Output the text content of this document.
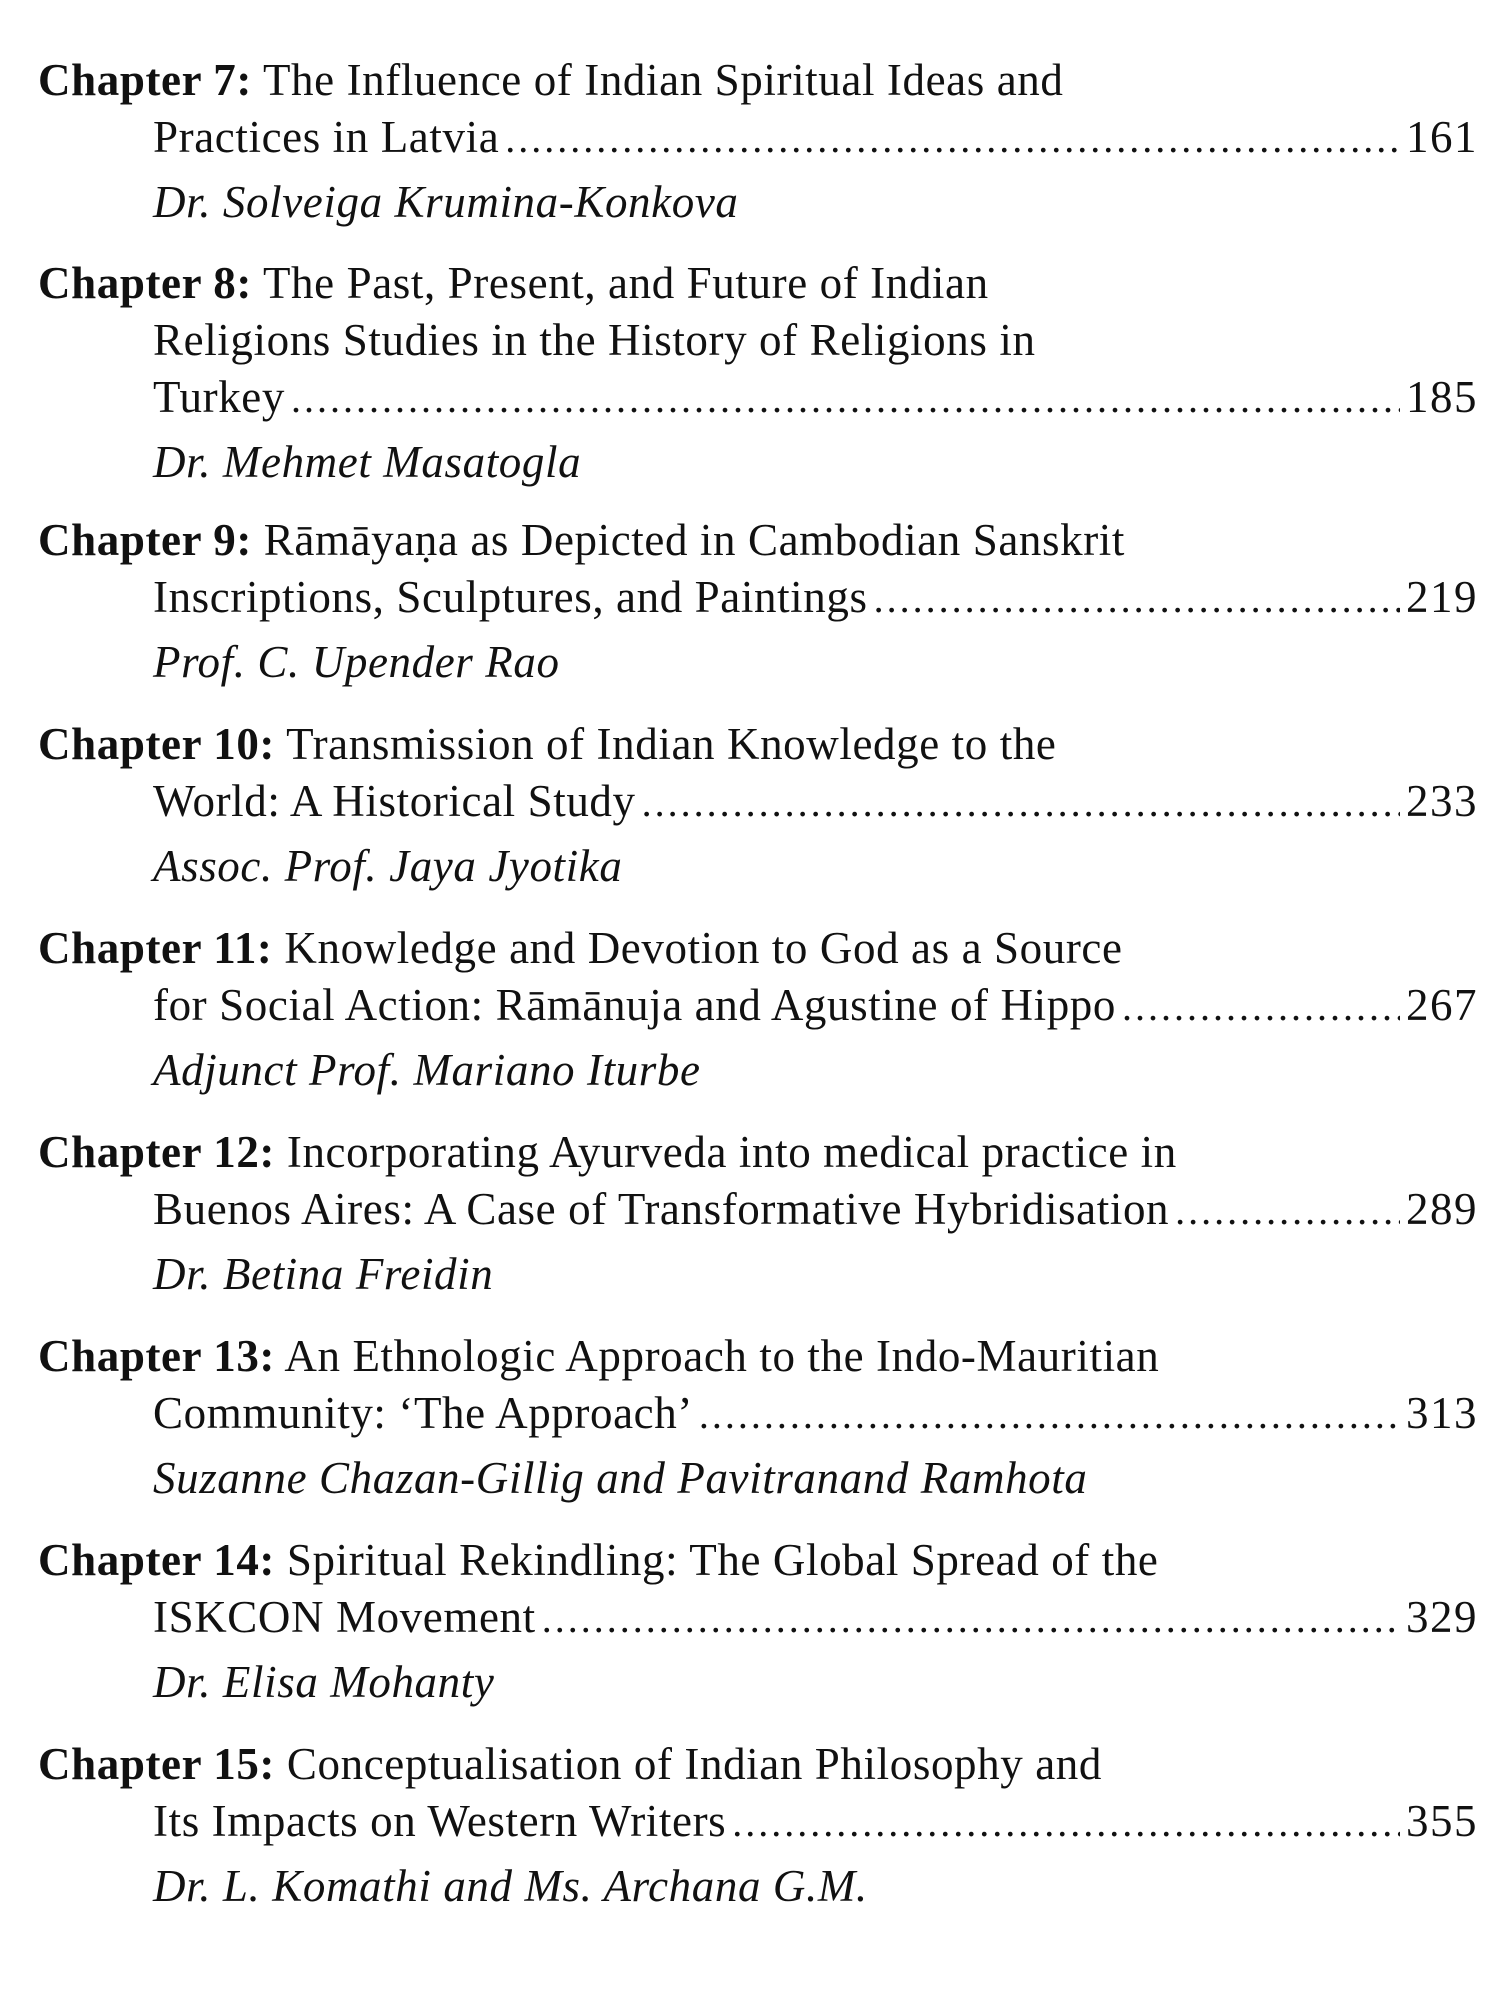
Chapter 7: The Influence of Indian Spiritual Ideas and
Practices in Latvia .....	161
Dr. Solveiga Krumina-Konkova
Chapter 8: The Past, Present, and Future of Indian
Religions Studies in the History of Religions in
Turkey .....	185
Dr. Mehmet Masatogla
Chapter 9: Rāmāyaṇa as Depicted in Cambodian Sanskrit
Inscriptions, Sculptures, and Paintings .....	219
Prof. C. Upender Rao
Chapter 10: Transmission of Indian Knowledge to the
World: A Historical Study .....	233
Assoc. Prof. Jaya Jyotika
Chapter 11: Knowledge and Devotion to God as a Source
for Social Action: Rāmānuja and Agustine of Hippo .....	267
Adjunct Prof. Mariano Iturbe
Chapter 12: Incorporating Ayurveda into medical practice in
Buenos Aires: A Case of Transformative Hybridisation .....	289
Dr. Betina Freidin
Chapter 13: An Ethnologic Approach to the Indo-Mauritian
Community: ‘The Approach’ .....	313
Suzanne Chazan-Gillig and Pavitranand Ramhota
Chapter 14: Spiritual Rekindling: The Global Spread of the
ISKCON Movement .....	329
Dr. Elisa Mohanty
Chapter 15: Conceptualisation of Indian Philosophy and
Its Impacts on Western Writers .....	355
Dr. L. Komathi and Ms. Archana G.M.
